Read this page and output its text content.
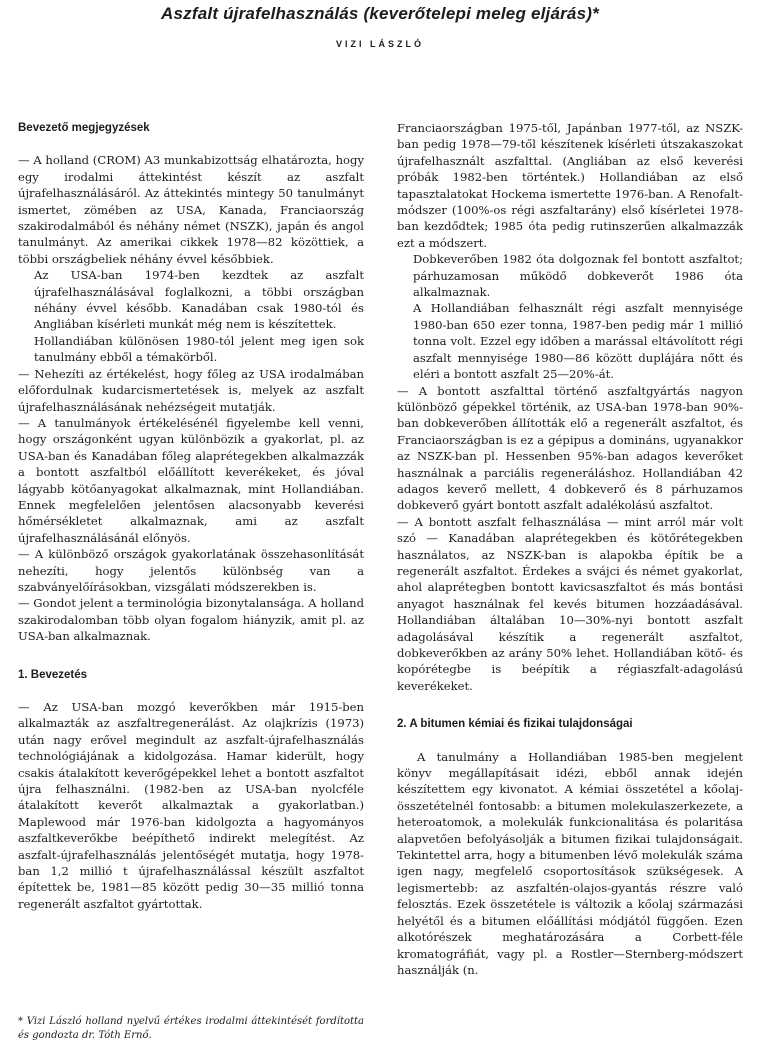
Aszfalt újrafelhasználás (keverőtelepi meleg eljárás)*
VIZI LÁSZLÓ

Bevezető megjegyzések

— A holland (CROM) A3 munkabizottság elhatározta, hogy egy irodalmi áttekintést készít az aszfalt újrafelhasználásáról. Az áttekintés mintegy 50 tanulmányt ismertet, zömében az USA, Kanada, Franciaország szakirodalmából és néhány német (NSZK), japán és angol tanulmányt. Az amerikai cikkek 1978—82 közöttiek, a többi országbeliek néhány évvel későbbiek.

Az USA-ban 1974-ben kezdtek az aszfalt újrafelhasználásával foglalkozni, a többi országban néhány évvel később. Kanadában csak 1980-tól és Angliában kísérleti munkát még nem is készítettek.

Hollandiában különösen 1980-tól jelent meg igen sok tanulmány ebből a témakörből.

— Nehezíti az értékelést, hogy főleg az USA irodalmában előfordulnak kudarcismertetések is, melyek az aszfalt újrafelhasználásának nehézségeit mutatják.

— A tanulmányok értékelésénél figyelembe kell venni, hogy országonként ugyan különbözik a gyakorlat, pl. az USA-ban és Kanadában főleg alaprétegekben alkalmazzák a bontott aszfaltból előállított keverékeket, és jóval lágyabb kötőanyagokat alkalmaznak, mint Hollandiában. Ennek megfelelően jelentősen alacsonyabb keverési hőmérsékletet alkalmaznak, ami az aszfalt újrafelhasználásánál előnyös.

— A különböző országok gyakorlatának összehasonlítását nehezíti, hogy jelentős különbség van a szabványelőírásokban, vizsgálati módszerekben is.

— Gondot jelent a terminológia bizonytalansága. A holland szakirodalomban több olyan fogalom hiányzik, amit pl. az USA-ban alkalmaznak.

1. Bevezetés

— Az USA-ban mozgó keverőkben már 1915-ben alkalmazták az aszfaltregenerálást. Az olajkrízis (1973) után nagy erővel megindult az aszfalt-újrafelhasználás technológiájának a kidolgozása. Hamar kiderült, hogy csakis átalakított keverőgépekkel lehet a bontott aszfaltot újra felhasználni. (1982-ben az USA-ban nyolcféle átalakított keverőt alkalmaztak a gyakorlatban.) Maplewood már 1976-ban kidolgozta a hagyományos aszfaltkeverőkbe beépíthető indirekt melegítést. Az aszfalt-újrafelhasználás jelentőségét mutatja, hogy 1978-ban 1,2 millió t újrafelhasználással készült aszfaltot építettek be, 1981—85 között pedig 30—35 millió tonna regenerált aszfaltot gyártottak.

Franciaországban 1975-től, Japánban 1977-től, az NSZK-ban pedig 1978—79-től készítenek kísérleti útszakaszokat újrafelhasznált aszfalttal. (Angliában az első keverési próbák 1982-ben történtek.) Hollandiában az első tapasztalatokat Hockema ismertette 1976-ban. A Renofalt-módszer (100%-os régi aszfaltarány) első kísérletei 1978-ban kezdődtek; 1985 óta pedig rutinszerűen alkalmazzák ezt a módszert.

Dobkeverőben 1982 óta dolgoznak fel bontott aszfaltot; párhuzamosan működő dobkeverőt 1986 óta alkalmaznak.

A Hollandiában felhasznált régi aszfalt mennyisége 1980-ban 650 ezer tonna, 1987-ben pedig már 1 millió tonna volt. Ezzel egy időben a marással eltávolított régi aszfalt mennyisége 1980—86 között duplájára nőtt és eléri a bontott aszfalt 25—20%-át.

— A bontott aszfalttal történő aszfaltgyártás nagyon különböző gépekkel történik, az USA-ban 1978-ban 90%-ban dobkeverőben állították elő a regenerált aszfaltot, és Franciaországban is ez a gépipus a domináns, ugyanakkor az NSZK-ban pl. Hessenben 95%-ban adagos keverőket használnak a parciális regeneráláshoz. Hollandiában 42 adagos keverő mellett, 4 dobkeverő és 8 párhuzamos dobkeverő gyárt bontott aszfalt adalékolású aszfaltot.

— A bontott aszfalt felhasználása — mint arról már volt szó — Kanadában alaprétegekben és kötőrétegekben használatos, az NSZK-ban is alapokba építik be a regenerált aszfaltot. Érdekes a svájci és német gyakorlat, ahol alaprétegben bontott kavicsaszfaltot és más bontási anyagot használnak fel kevés bitumen hozzáadásával. Hollandiában általában 10—30%-nyi bontott aszfalt adagolásával készítik a regenerált aszfaltot, dobkeverőkben az arány 50% lehet. Hollandiában kötő- és kopórétegbe is beépítik a régiaszfalt-adagolású keverékeket.

2. A bitumen kémiai és fizikai tulajdonságai

A tanulmány a Hollandiában 1985-ben megjelent könyv megállapításait idézi, ebből annak idején készítettem egy kivonatot. A kémiai összetétel a kőolaj-összetételnél fontosabb: a bitumen molekulaszerkezete, a heteroatomok, a molekulák funkcionalitása és polaritása alapvetően befolyásolják a bitumen fizikai tulajdonságait. Tekintettel arra, hogy a bitumenben lévő molekulák száma igen nagy, megfelelő csoportosítások szükségesek. A legismertebb: az aszfaltén-olajos-gyantás részre való felosztás. Ezek összetétele is változik a kőolaj származási helyétől és a bitumen előállítási módjától függően. Ezen alkotórészek meghatározására a Corbett-féle kromatográfiát, vagy pl. a Rostler—Sternberg-módszert használják (n.

* Vizi László holland nyelvű értékes irodalmi áttekintését fordította és gondozta dr. Tóth Ernő.
